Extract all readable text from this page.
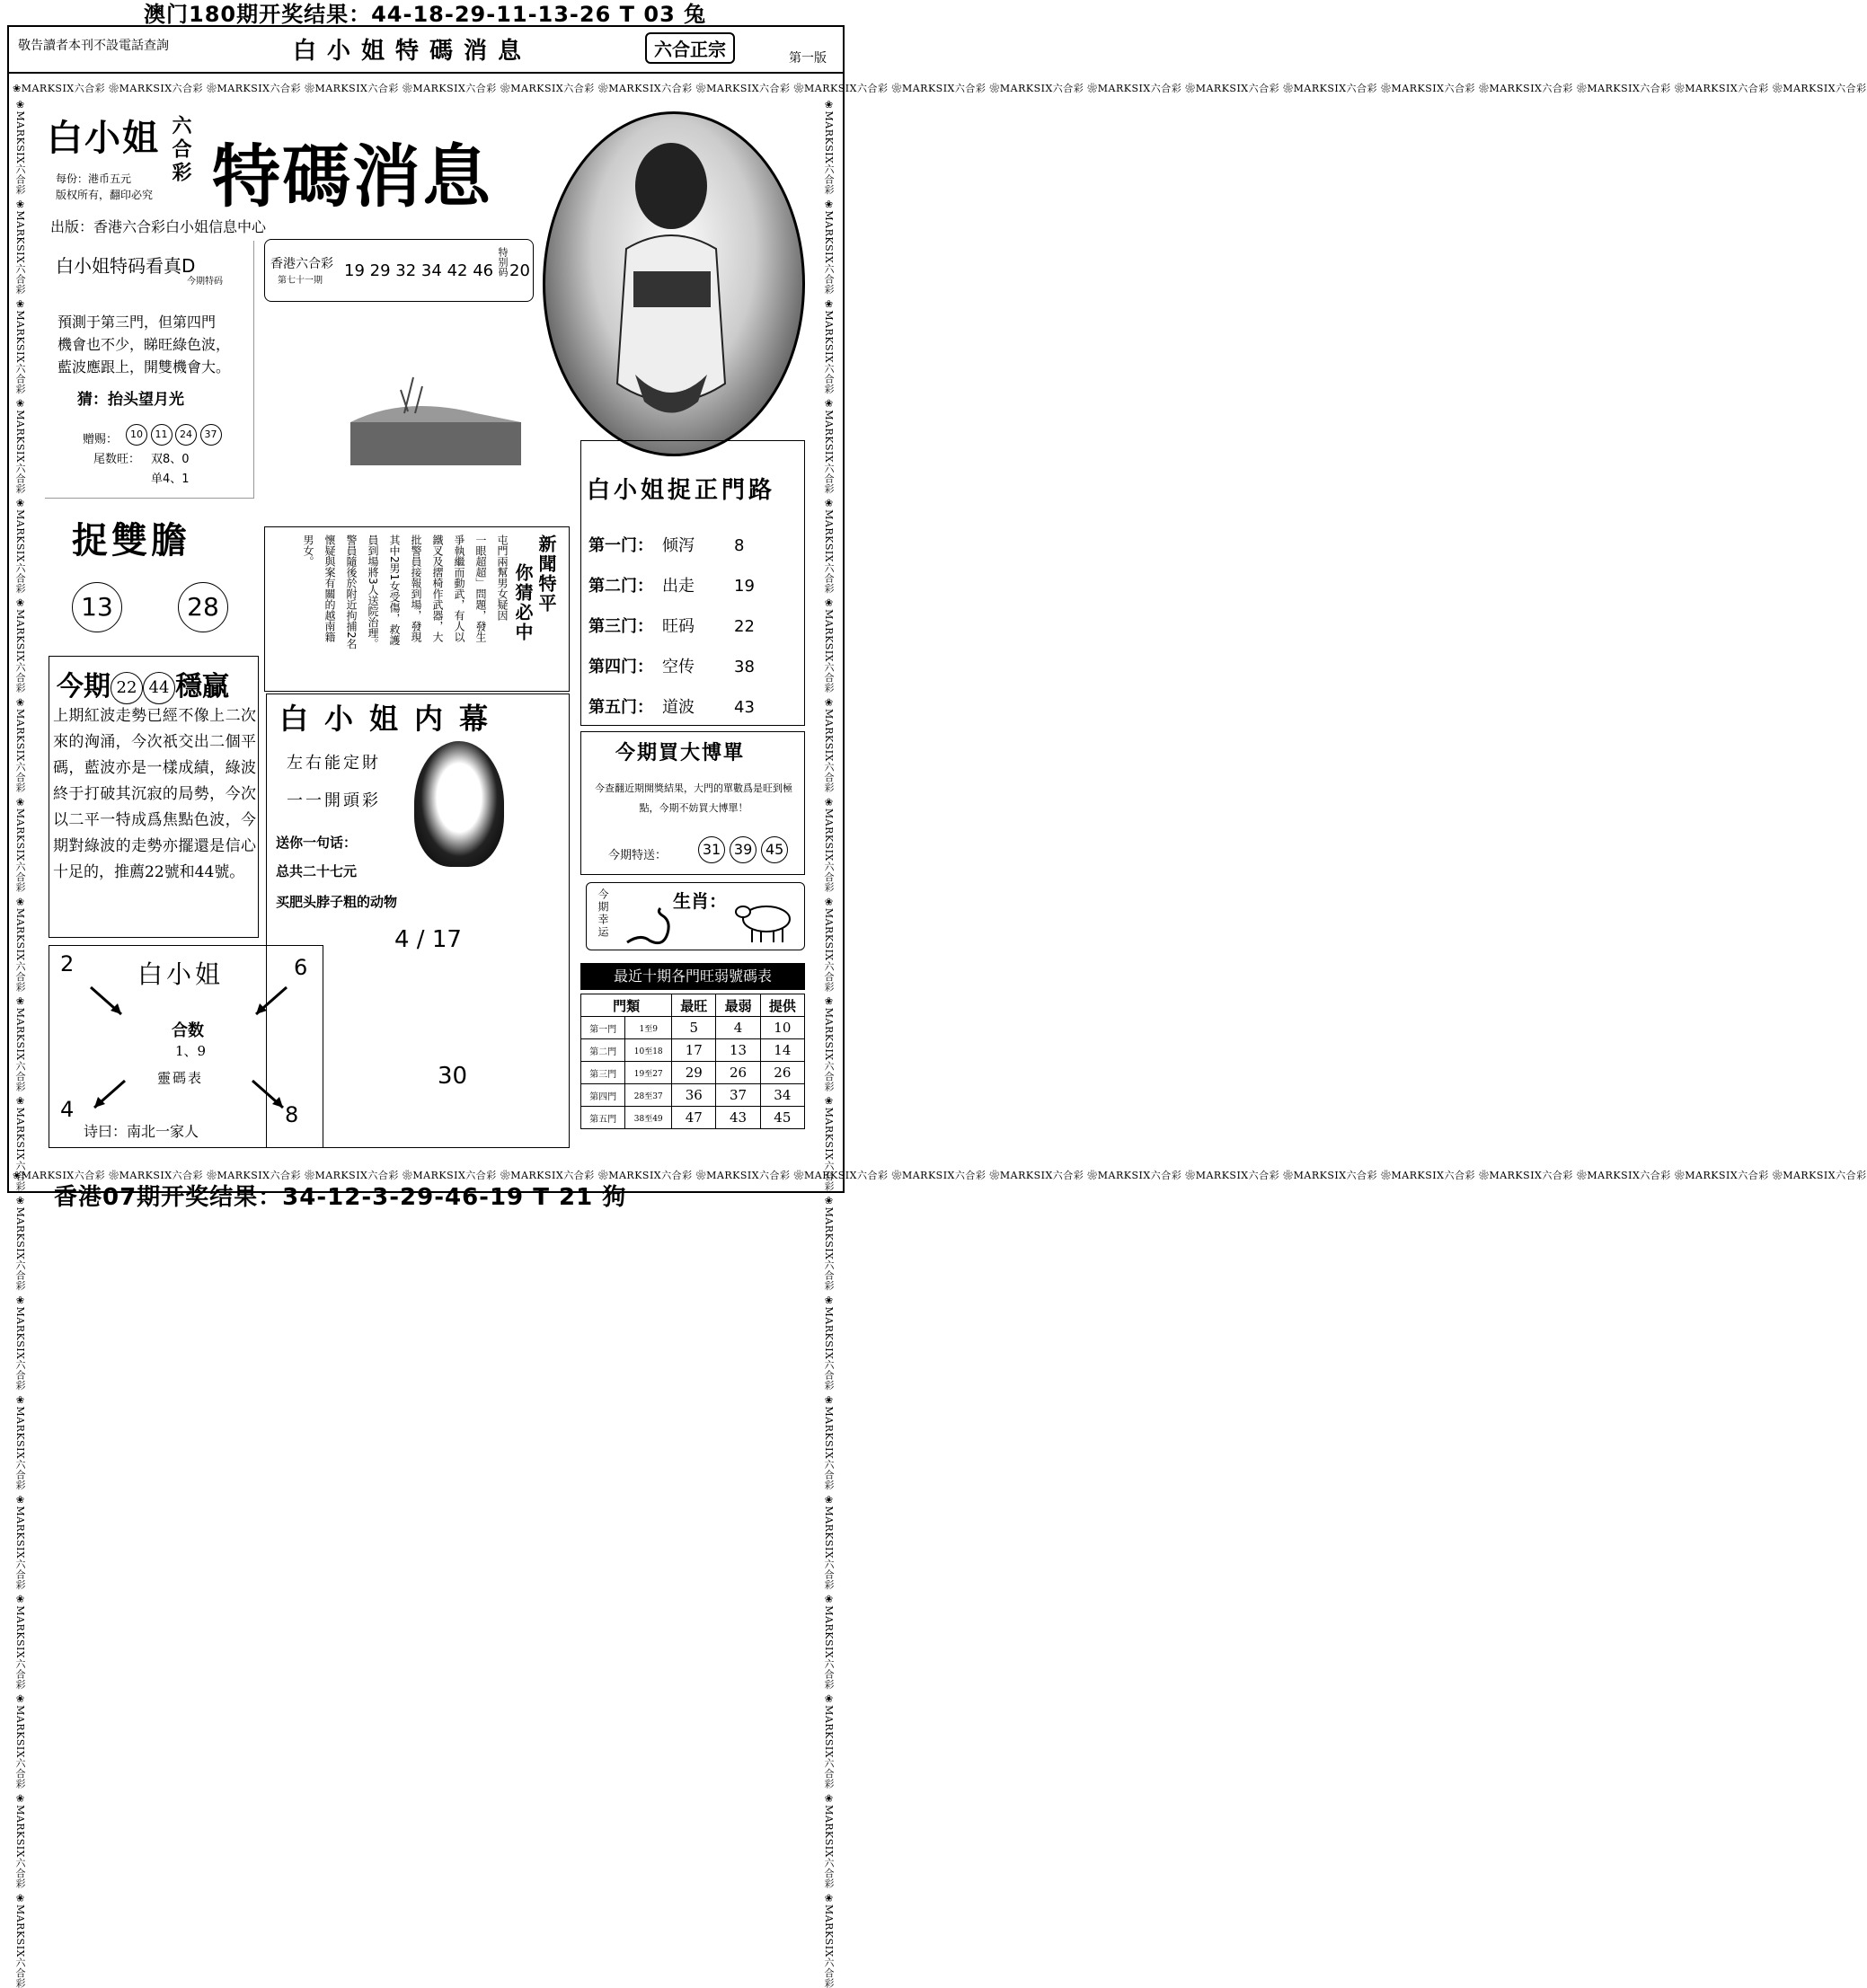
澳门180期开奖结果：44-18-29-11-13-26 T 03 兔
敬告讀者本刊不設電話查詢	白小姐特碼消息	六合正宗	第一版
❀MARKSIX六合彩 ❀MARKSIX六合彩 ❀MARKSIX六合彩 ❀MARKSIX六合彩 ❀MARKSIX六合彩 ❀MARKSIX六合彩 ❀MARKSIX六合彩 ❀MARKSIX六合彩 ❀MARKSIX六合彩 ❀MARKSIX六合彩 ❀MARKSIX六合彩 ❀MARKSIX六合彩 ❀MARKSIX六合彩 ❀MARKSIX六合彩 ❀MARKSIX六合彩 ❀MARKSIX六合彩 ❀MARKSIX六合彩 ❀MARKSIX六合彩 ❀MARKSIX六合彩
❀MARKSIX六合彩 ❀MARKSIX六合彩 ❀MARKSIX六合彩 ❀MARKSIX六合彩 ❀MARKSIX六合彩 ❀MARKSIX六合彩 ❀MARKSIX六合彩 ❀MARKSIX六合彩 ❀MARKSIX六合彩 ❀MARKSIX六合彩 ❀MARKSIX六合彩 ❀MARKSIX六合彩 ❀MARKSIX六合彩 ❀MARKSIX六合彩 ❀MARKSIX六合彩 ❀MARKSIX六合彩 ❀MARKSIX六合彩 ❀MARKSIX六合彩 ❀MARKSIX六合彩	❀MARKSIX六合彩 ❀MARKSIX六合彩 ❀MARKSIX六合彩 ❀MARKSIX六合彩 ❀MARKSIX六合彩 ❀MARKSIX六合彩 ❀MARKSIX六合彩 ❀MARKSIX六合彩 ❀MARKSIX六合彩 ❀MARKSIX六合彩 ❀MARKSIX六合彩 ❀MARKSIX六合彩 ❀MARKSIX六合彩 ❀MARKSIX六合彩 ❀MARKSIX六合彩 ❀MARKSIX六合彩 ❀MARKSIX六合彩 ❀MARKSIX六合彩 ❀MARKSIX六合彩
❀MARKSIX六合彩 ❀MARKSIX六合彩 ❀MARKSIX六合彩 ❀MARKSIX六合彩 ❀MARKSIX六合彩 ❀MARKSIX六合彩 ❀MARKSIX六合彩 ❀MARKSIX六合彩 ❀MARKSIX六合彩 ❀MARKSIX六合彩 ❀MARKSIX六合彩 ❀MARKSIX六合彩 ❀MARKSIX六合彩 ❀MARKSIX六合彩 ❀MARKSIX六合彩 ❀MARKSIX六合彩 ❀MARKSIX六合彩 ❀MARKSIX六合彩 ❀MARKSIX六合彩
白小姐 六合彩
每份：港币五元
版权所有，翻印必究 特碼消息
出版：香港六合彩白小姐信息中心
香港六合彩
第七十一期
19 29 32 34 42 46 特别码 20
白小姐特码看真D
今期特码
預測于第三門，但第四門
機會也不少，睇旺綠色波，
藍波應跟上，開雙機會大。
猜：抬头望月光
赠赐：	10 11 24 37
尾数旺： 双8、0
单4、1
捉雙膽
13	28	新聞特平
你猜必中
屯門兩幫男女疑因
一眼超超」問題，發生
爭執繼而動武，有人以
鐵叉及摺椅作武器，大
批警員接報到場，發現
其中2男1女受傷，救護
員到場將3人送院治理。
警員隨後於附近拘捕2名
懷疑與案有關的越南籍
男女。
白小姐捉正門路
第一门： 倾泻 8
第二门： 出走 19
第三门： 旺码 22
第四门： 空传 38
第五门： 道波 43
今期 22 44 穩贏
上期紅波走勢已經不像上二次來的洶涌，今次祇交出二個平碼，藍波亦是一樣成績，綠波終于打破其沉寂的局勢，今次以二平一特成爲焦點色波，今期對綠波的走勢亦擺還是信心十足的，推薦22號和44號。
白小姐内幕
左右能定財
一一開頭彩
送你一句话：
总共二十七元
买肥头脖子粗的动物
4 / 17
30
今期買大博單
今查翻近期開獎結果，大門的單數爲是旺到極點，今期不妨買大博單！
今期特送：	31 39 45
今期幸运	生肖：
白小姐
2	6
4	8
合数
1、9
靈碼表
诗曰：南北一家人
最近十期各門旺弱號碼表
門類		最旺	最弱	提供
第一門	1至9	5	4	10
第二門	10至18	17	13	14
第三門	19至27	29	26	26
第四門	28至37	36	37	34
第五門	38至49	47	43	45
香港07期开奖结果：34-12-3-29-46-19 T 21 狗
